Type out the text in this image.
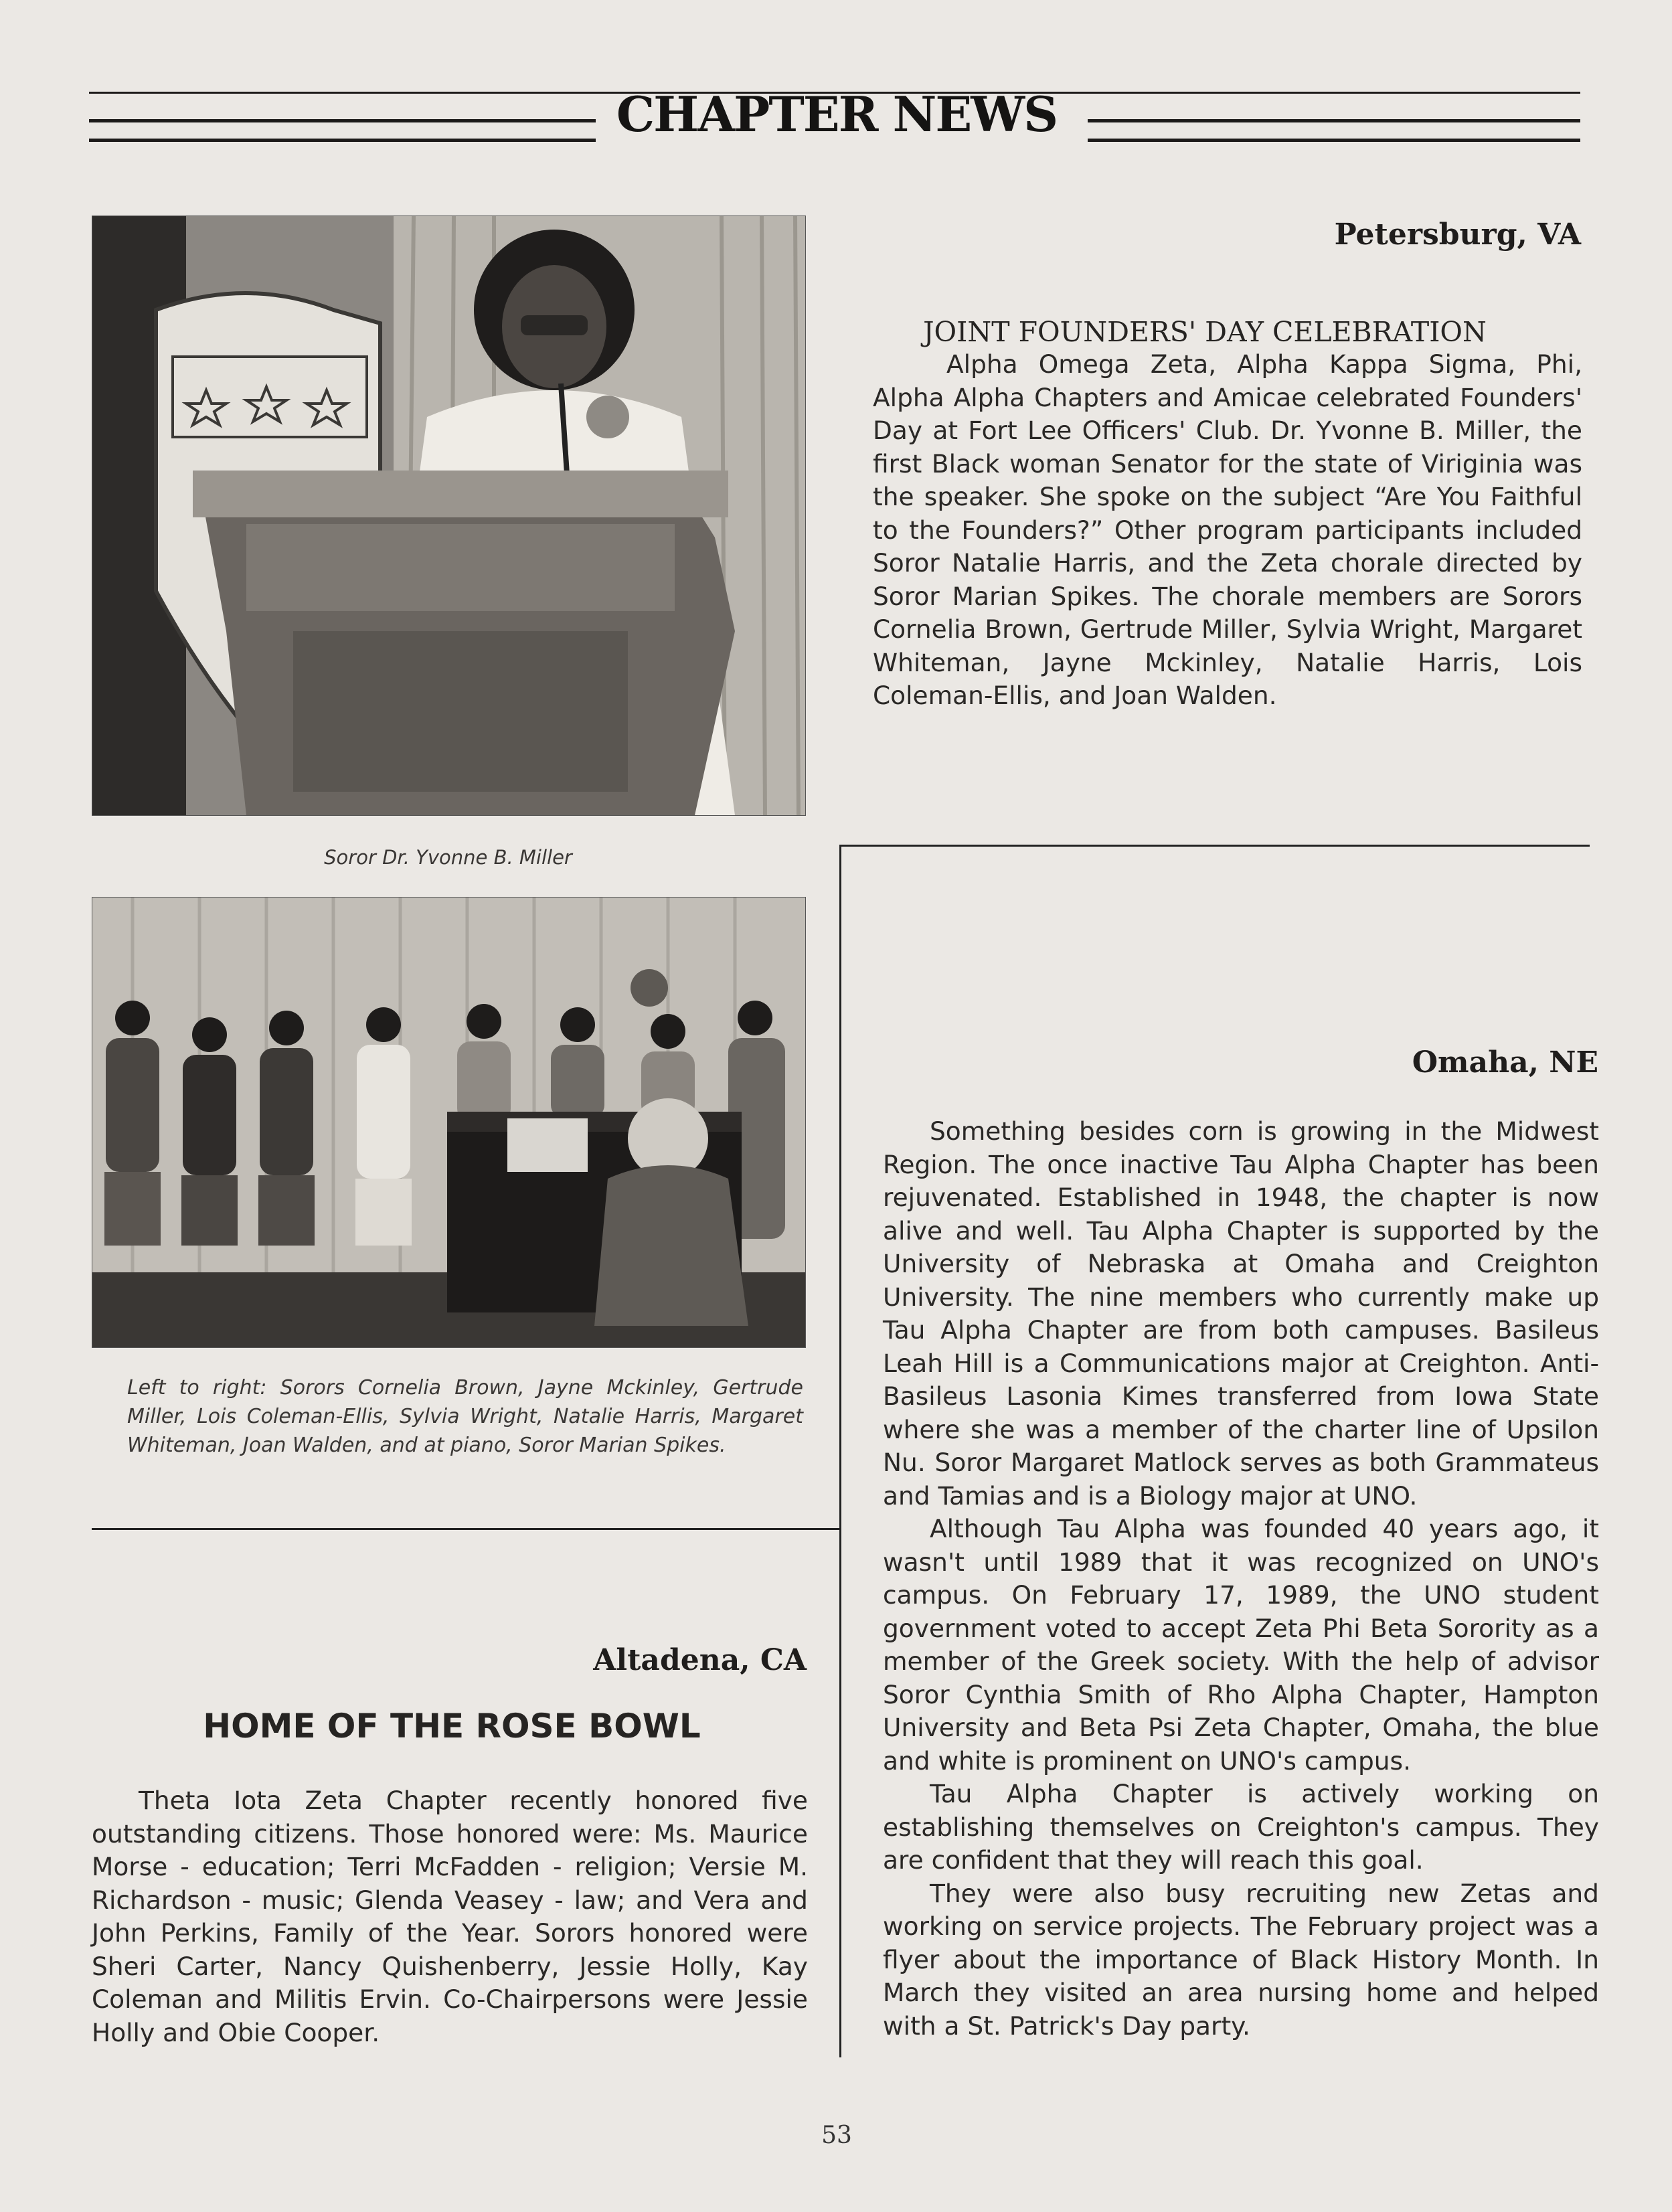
CHAPTER NEWS
Soror Dr. Yvonne B. Miller
Left to right: Sorors Cornelia Brown, Jayne Mckinley, Gertrude Miller, Lois Coleman-Ellis, Sylvia Wright, Natalie Harris, Margaret Whiteman, Joan Walden, and at piano, Soror Marian Spikes.
Petersburg, VA
JOINT FOUNDERS' DAY CELEBRATION

Alpha Omega Zeta, Alpha Kappa Sigma, Phi, Alpha Alpha Chapters and Amicae celebrated Founders' Day at Fort Lee Officers' Club. Dr. Yvonne B. Miller, the first Black woman Senator for the state of Viriginia was the speaker. She spoke on the subject “Are You Faithful to the Founders?” Other program participants included Soror Natalie Harris, and the Zeta chorale directed by Soror Marian Spikes. The chorale members are Sorors Cornelia Brown, Gertrude Miller, Sylvia Wright, Margaret Whiteman, Jayne Mckinley, Natalie Harris, Lois Coleman-Ellis, and Joan Walden.

Omaha, NE

Something besides corn is growing in the Midwest Region. The once inactive Tau Alpha Chapter has been rejuvenated. Established in 1948, the chapter is now alive and well. Tau Alpha Chapter is supported by the University of Nebraska at Omaha and Creighton University. The nine members who currently make up Tau Alpha Chapter are from both campuses. Basileus Leah Hill is a Communications major at Creighton. Anti-Basileus Lasonia Kimes transferred from Iowa State where she was a member of the charter line of Upsilon Nu. Soror Margaret Matlock serves as both Grammateus and Tamias and is a Biology major at UNO.

Although Tau Alpha was founded 40 years ago, it wasn't until 1989 that it was recognized on UNO's campus. On February 17, 1989, the UNO student government voted to accept Zeta Phi Beta Sorority as a member of the Greek society. With the help of advisor Soror Cynthia Smith of Rho Alpha Chapter, Hampton University and Beta Psi Zeta Chapter, Omaha, the blue and white is prominent on UNO's campus.

Tau Alpha Chapter is actively working on establishing themselves on Creighton's campus. They are confident that they will reach this goal.

They were also busy recruiting new Zetas and working on service projects. The February project was a flyer about the importance of Black History Month. In March they visited an area nursing home and helped with a St. Patrick's Day party.

Altadena, CA
HOME OF THE ROSE BOWL

Theta Iota Zeta Chapter recently honored five outstanding citizens. Those honored were: Ms. Maurice Morse - education; Terri McFadden - religion; Versie M. Richardson - music; Glenda Veasey - law; and Vera and John Perkins, Family of the Year. Sorors honored were Sheri Carter, Nancy Quishenberry, Jessie Holly, Kay Coleman and Militis Ervin. Co-Chairpersons were Jessie Holly and Obie Cooper.

53
